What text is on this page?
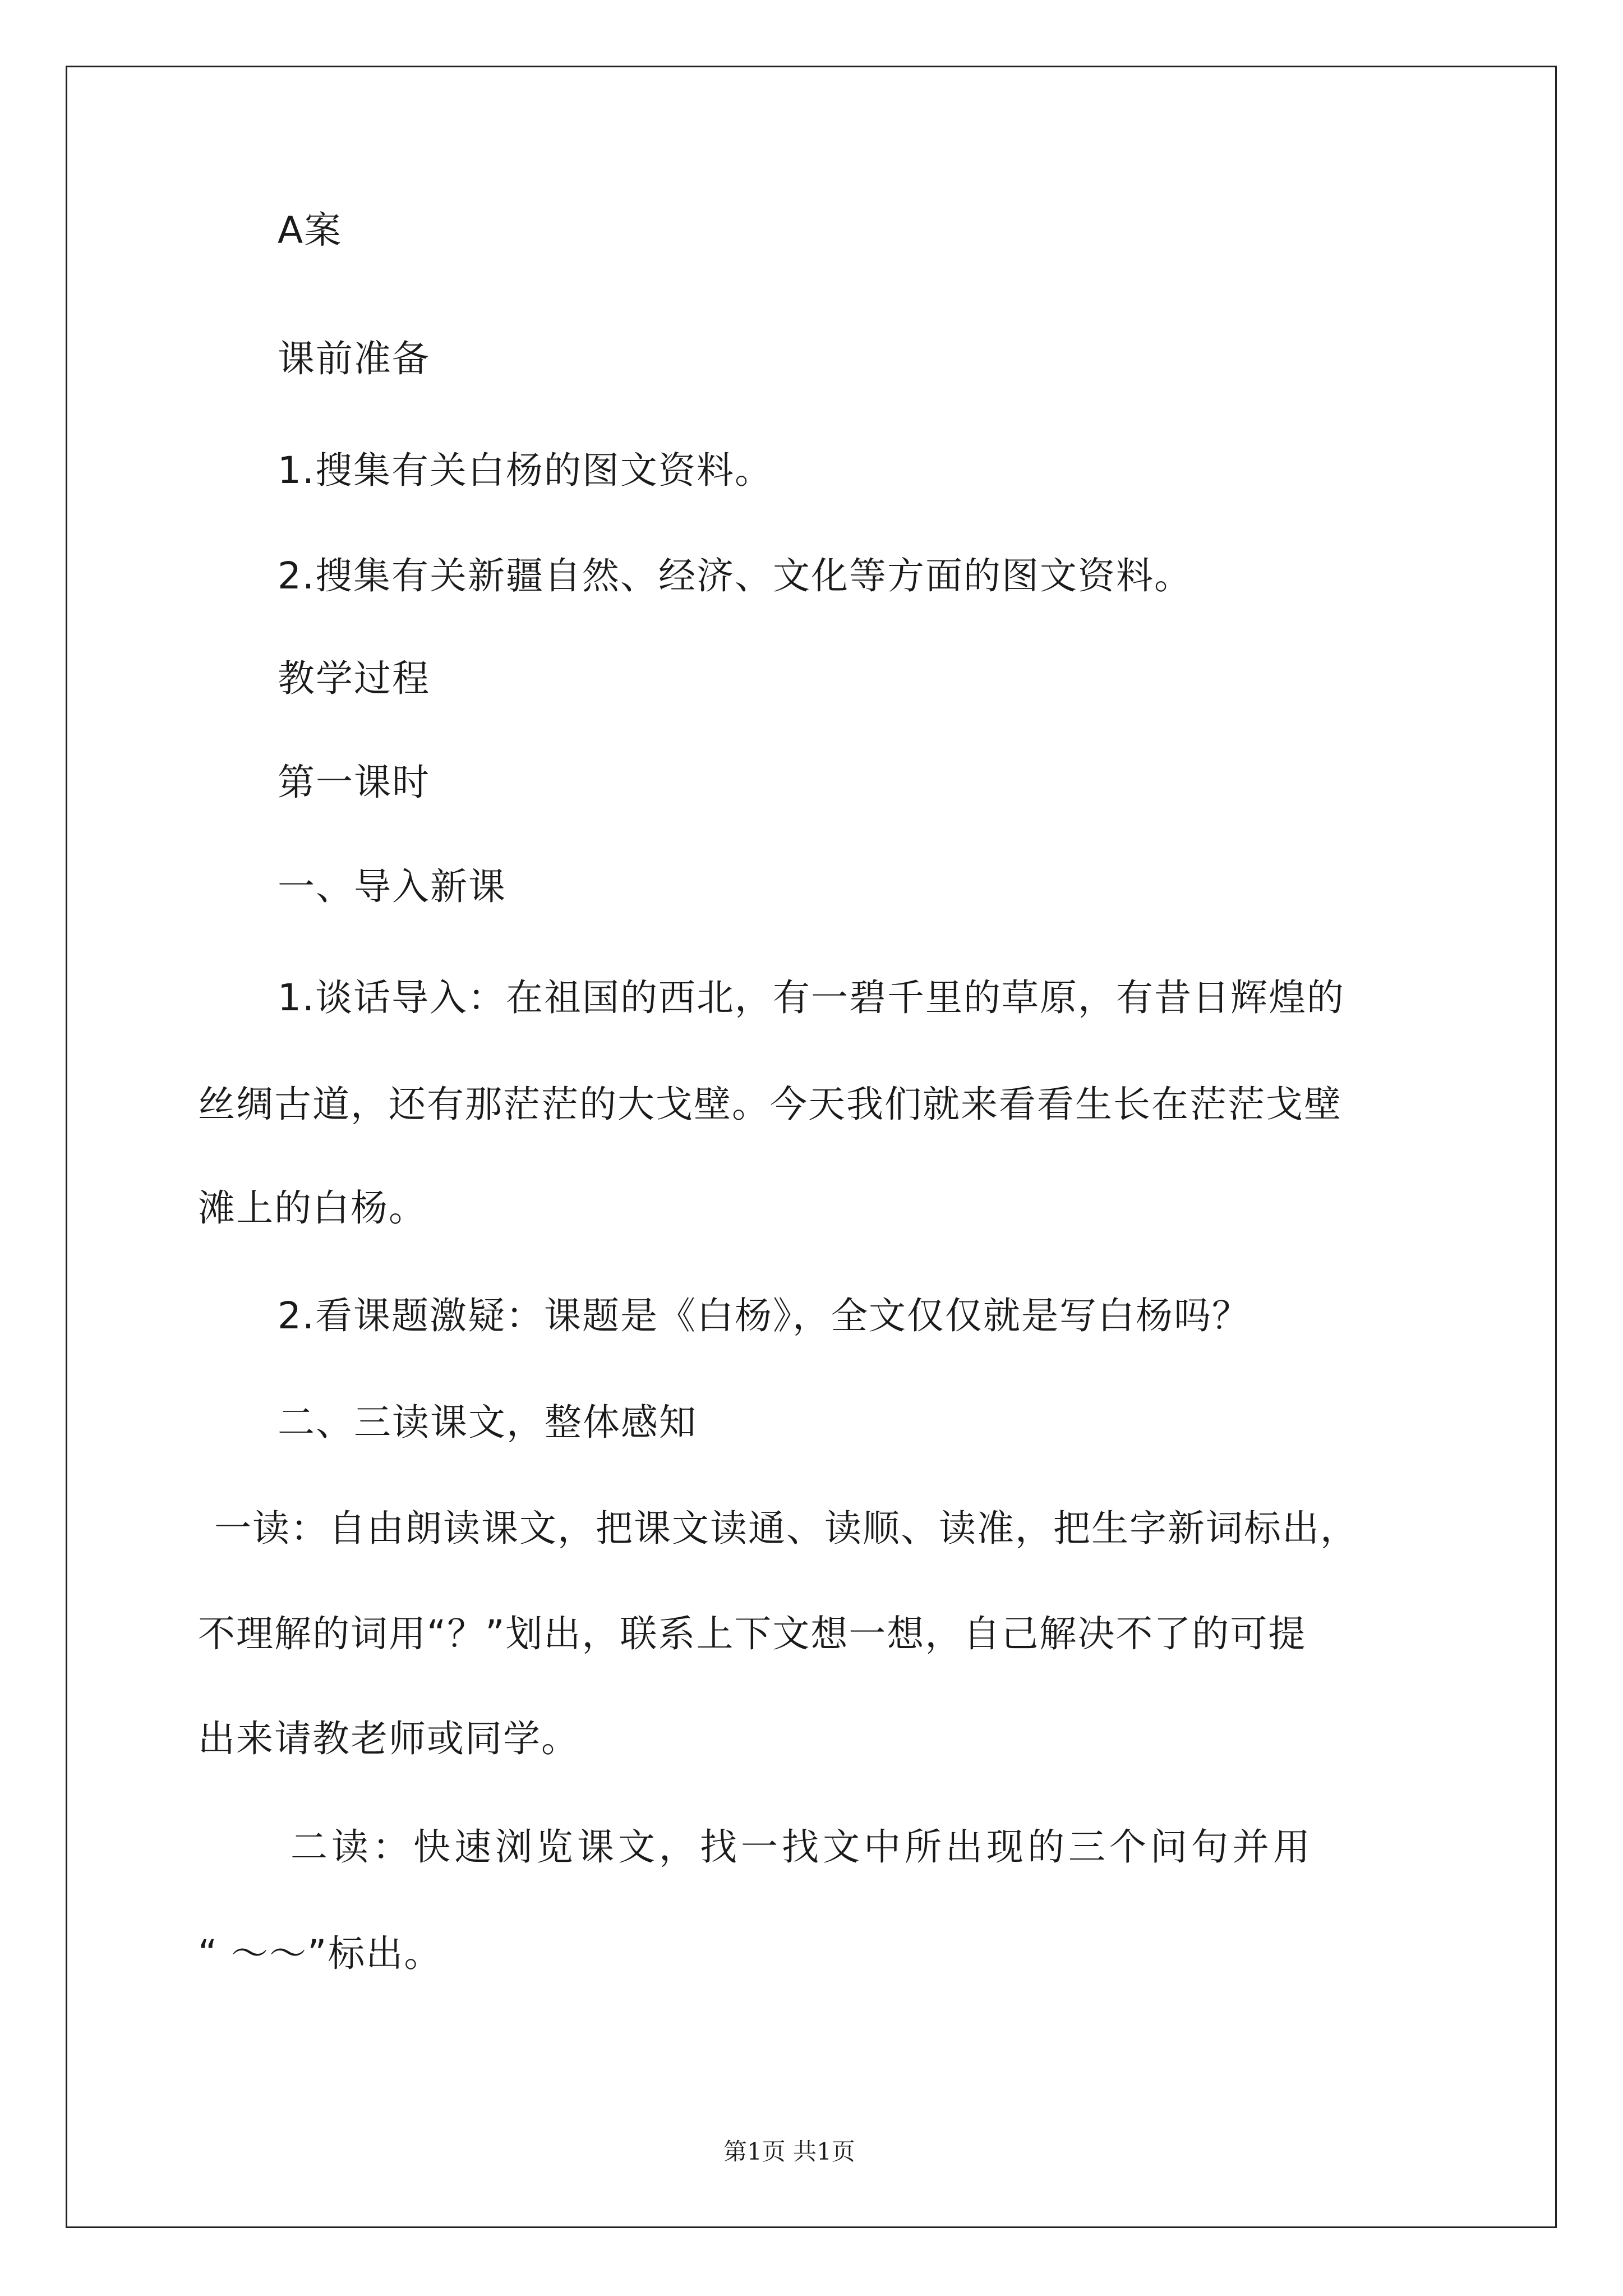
A案
课前准备
1.搜集有关白杨的图文资料。
2.搜集有关新疆自然、经济、文化等方面的图文资料。
教学过程
第一课时
一、导入新课
1.谈话导入：在祖国的西北，有一碧千里的草原，有昔日辉煌的
丝绸古道，还有那茫茫的大戈壁。今天我们就来看看生长在茫茫戈壁
滩上的白杨。
2.看课题激疑：课题是《白杨》，全文仅仅就是写白杨吗？
二、三读课文，整体感知
一读：自由朗读课文，把课文读通、读顺、读准，把生字新词标出，
不理解的词用“？”划出，联系上下文想一想，自己解决不了的可提
出来请教老师或同学。
二读：快速浏览课文，找一找文中所出现的三个问句并用
“ ～～”标出。
第1页 共1页
